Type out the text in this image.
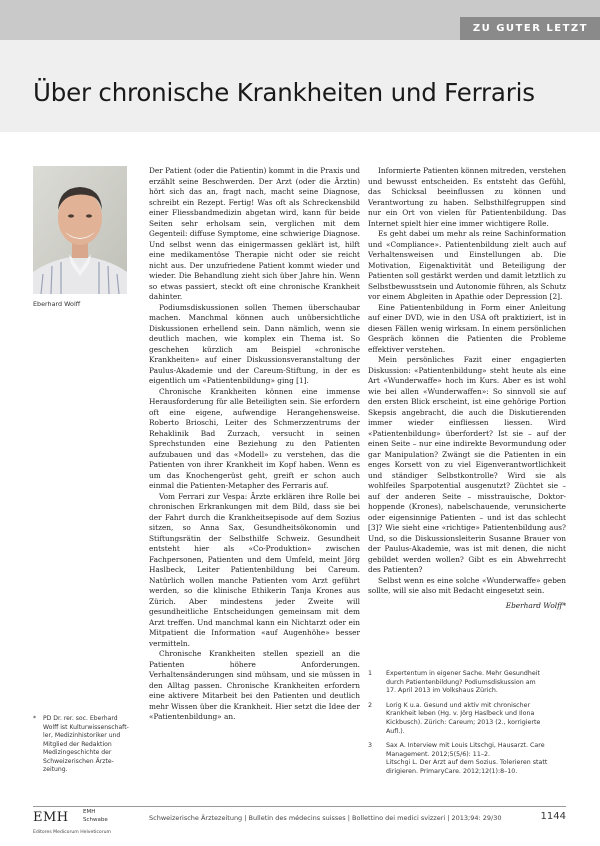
ZU GUTER LETZT
Über chronische Krankheiten und Ferraris
Eberhard Wolff

Der Patient (oder die Patientin) kommt in die Praxis und erzählt seine Beschwerden. Der Arzt (oder die Ärztin) hört sich das an, fragt nach, macht seine Diagnose, schreibt ein Rezept. Fertig! Was oft als Schreckensbild einer Fliessbandmedizin abgetan wird, kann für beide Seiten sehr erholsam sein, verglichen mit dem Gegenteil: diffuse Symptome, eine schwierige Diagnose. Und selbst wenn das einigermassen geklärt ist, hilft eine medikamentöse Therapie nicht oder sie reicht nicht aus. Der unzufriedene Patient kommt wieder und wieder. Die Behandlung zieht sich über Jahre hin. Wenn so etwas passiert, steckt oft eine chronische Krankheit dahinter.

Podiumsdiskussionen sollen Themen überschaubar machen. Manchmal können auch unübersichtliche Diskussionen erhellend sein. Dann nämlich, wenn sie deutlich machen, wie komplex ein Thema ist. So geschehen kürzlich am Beispiel «chronische Krankheiten» auf einer Diskussionsveranstaltung der Paulus-Akademie und der Careum-Stiftung, in der es eigentlich um «Patientenbildung» ging [1].

Chronische Krankheiten können eine immense Herausforderung für alle Beteiligten sein. Sie erfordern oft eine eigene, aufwendige Herangehensweise. Roberto Brioschi, Leiter des Schmerzzentrums der Rehaklinik Bad Zurzach, versucht in seinen Sprechstunden eine Beziehung zu den Patienten aufzubauen und das «Modell» zu verstehen, das die Patienten von ihrer Krankheit im Kopf haben. Wenn es um das Knochengerüst geht, greift er schon auch einmal die Patienten-Metapher des Ferraris auf.

Vom Ferrari zur Vespa: Ärzte erklären ihre Rolle bei chronischen Erkrankungen mit dem Bild, dass sie bei der Fahrt durch die Krankheitsepisode auf dem Sozius sitzen, so Anna Sax, Gesundheitsökonomin und Stiftungsrätin der Selbsthilfe Schweiz. Gesundheit entsteht hier als «Co-Produktion» zwischen Fachpersonen, Patienten und dem Umfeld, meint Jörg Haslbeck, Leiter Patientenbildung bei Careum. Natürlich wollen manche Patienten vom Arzt geführt werden, so die klinische Ethikerin Tanja Krones aus Zürich. Aber mindestens jeder Zweite will gesundheitliche Entscheidungen gemeinsam mit dem Arzt treffen. Und manchmal kann ein Nichtarzt oder ein Mitpatient die Information «auf Augenhöhe» besser vermitteln.

Chronische Krankheiten stellen speziell an die Patienten höhere Anforderungen. Verhaltensänderungen sind mühsam, und sie müssen in den Alltag passen. Chronische Krankheiten erfordern eine aktivere Mitarbeit bei den Patienten und deutlich mehr Wissen über die Krankheit. Hier setzt die Idee der «Patientenbildung» an.

Informierte Patienten können mitreden, verstehen und bewusst entscheiden. Es entsteht das Gefühl, das Schicksal beeinflussen zu können und Verantwortung zu haben. Selbsthilfegruppen sind nur ein Ort von vielen für Patientenbildung. Das Internet spielt hier eine immer wichtigere Rolle.

Es geht dabei um mehr als reine Sachinformation und «Compliance». Patientenbildung zielt auch auf Verhaltensweisen und Einstellungen ab. Die Motivation, Eigenaktivität und Beteiligung der Patienten soll gestärkt werden und damit letztlich zu Selbstbewusstsein und Autonomie führen, als Schutz vor einem Abgleiten in Apathie oder Depression [2].

Eine Patientenbildung in Form einer Anleitung auf einer DVD, wie in den USA oft praktiziert, ist in diesen Fällen wenig wirksam. In einem persönlichen Gespräch können die Patienten die Probleme effektiver verstehen.

Mein persönliches Fazit einer engagierten Diskussion: «Patientenbildung» steht heute als eine Art «Wunderwaffe» hoch im Kurs. Aber es ist wohl wie bei allen «Wunderwaffen»: So sinnvoll sie auf den ersten Blick erscheint, ist eine gehörige Portion Skepsis angebracht, die auch die Diskutierenden immer wieder einfliessen liessen. Wird «Patientenbildung» überfordert? Ist sie – auf der einen Seite – nur eine indirekte Bevormundung oder gar Manipulation? Zwängt sie die Patienten in ein enges Korsett von zu viel Eigenverantwortlichkeit und ständiger Selbstkontrolle? Wird sie als wohlfeiles Sparpotential ausgenutzt? Züchtet sie – auf der anderen Seite – misstrauische, Doktor-hoppende (Krones), nabelschauende, verunsicherte oder eigensinnige Patienten – und ist das schlecht [3]? Wie sieht eine «richtige» Patientenbildung aus? Und, so die Diskussionsleiterin Susanne Brauer von der Paulus-Akademie, was ist mit denen, die nicht gebildet werden wollen? Gibt es ein Abwehrrecht des Patienten?

Selbst wenn es eine solche «Wunderwaffe» geben sollte, will sie also mit Bedacht eingesetzt sein.

Eberhard Wolff*

1 Expertentum in eigener Sache. Mehr Gesundheit
durch Patientenbildung? Podiumsdiskussion am
17. April 2013 im Volkshaus Zürich.
2 Lorig K u.a. Gesund und aktiv mit chronischer
Krankheit leben (Hg. v. Jörg Haslbeck und Ilona
Kickbusch). Zürich: Careum; 2013 (2., korrigierte
Aufl.).
3 Sax A. Interview mit Louis Litschgi, Hausarzt. Care
Management. 2012;5(5/6): 11–2.
Litschgi L. Der Arzt auf dem Sozius. Tolerieren statt
dirigieren. PrimaryCare. 2012;12(1):8–10.
*	PD Dr. rer. soc. Eberhard
Wolff ist Kulturwissenschaft-
ler, Medizinhistoriker und
Mitglied der Redaktion
Medizingeschichte der
Schweizerischen Ärzte-
zeitung.
EMH	EMH
Schwabe
Editores Medicorum Helveticorum
Schweizerische Ärztezeitung | Bulletin des médecins suisses | Bollettino dei medici svizzeri | 2013;94: 29/30	1144
